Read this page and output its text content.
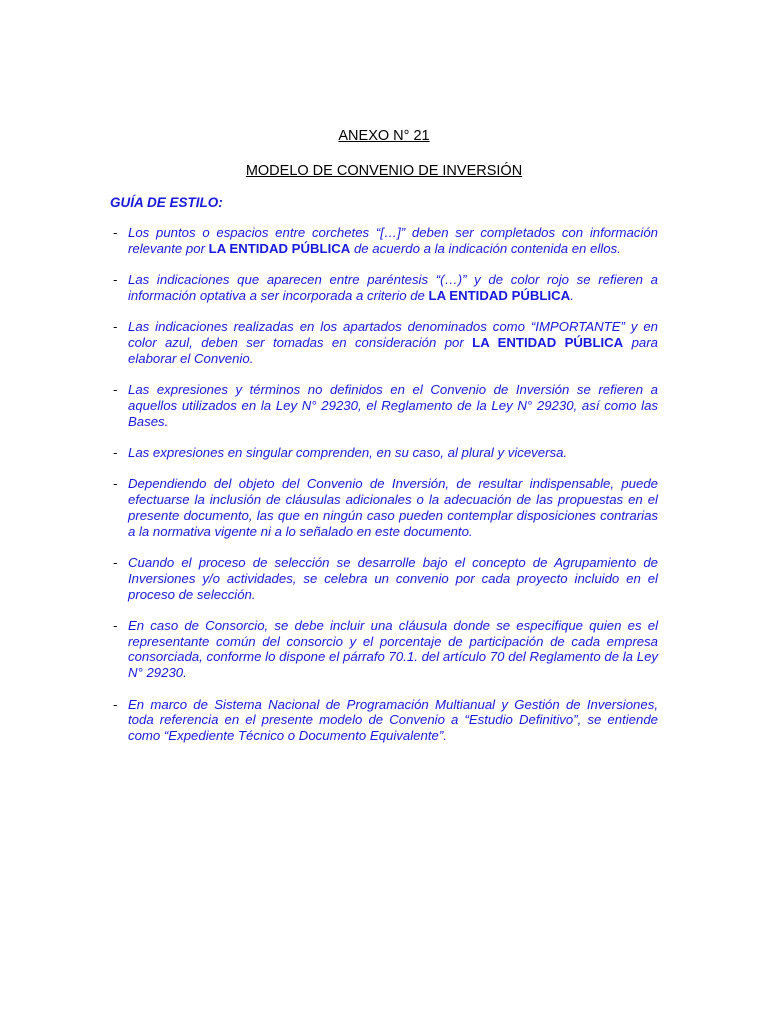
ANEXO N° 21
MODELO DE CONVENIO DE INVERSIÓN

GUÍA DE ESTILO:

- Los puntos o espacios entre corchetes “[…]” deben ser completados con información relevante por LA ENTIDAD PÚBLICA de acuerdo a la indicación contenida en ellos.
- Las indicaciones que aparecen entre paréntesis “(…)” y de color rojo se refieren a información optativa a ser incorporada a criterio de LA ENTIDAD PÚBLICA.
- Las indicaciones realizadas en los apartados denominados como “IMPORTANTE” y en color azul, deben ser tomadas en consideración por LA ENTIDAD PÚBLICA para elaborar el Convenio.
- Las expresiones y términos no definidos en el Convenio de Inversión se refieren a aquellos utilizados en la Ley N° 29230, el Reglamento de la Ley N° 29230, así como las Bases.
- Las expresiones en singular comprenden, en su caso, al plural y viceversa.
- Dependiendo del objeto del Convenio de Inversión, de resultar indispensable, puede efectuarse la inclusión de cláusulas adicionales o la adecuación de las propuestas en el presente documento, las que en ningún caso pueden contemplar disposiciones contrarias a la normativa vigente ni a lo señalado en este documento.
- Cuando el proceso de selección se desarrolle bajo el concepto de Agrupamiento de Inversiones y/o actividades, se celebra un convenio por cada proyecto incluido en el proceso de selección.
- En caso de Consorcio, se debe incluir una cláusula donde se especifique quien es el representante común del consorcio y el porcentaje de participación de cada empresa consorciada, conforme lo dispone el párrafo 70.1. del artículo 70 del Reglamento de la Ley N° 29230.
- En marco de Sistema Nacional de Programación Multianual y Gestión de Inversiones, toda referencia en el presente modelo de Convenio a “Estudio Definitivo”, se entiende como “Expediente Técnico o Documento Equivalente”.
